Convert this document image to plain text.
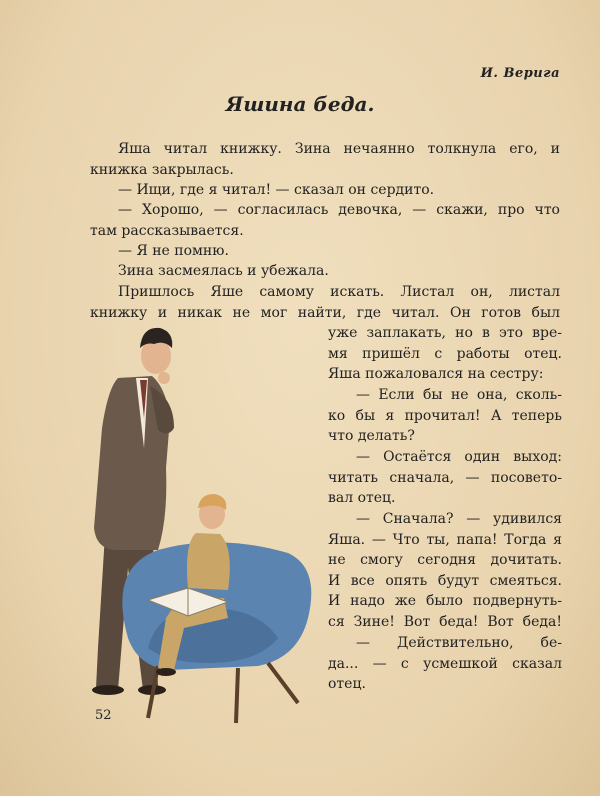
И. Верига
Яшина беда.

Яша читал книжку. Зина нечаянно толкнула его, и
книжка закрылась.

— Ищи, где я читал! — сказал он сердито.

— Хорошо, — согласилась девочка, — скажи, про что
там рассказывается.

— Я не помню.

Зина засмеялась и убежала.

Пришлось Яше самому искать. Листал он, листал
книжку и никак не мог найти, где читал. Он готов был

уже заплакать, но в это вре-
мя пришёл с работы отец.
Яша пожаловался на сестру:

— Если бы не она, сколь-
ко бы я прочитал! А теперь
что делать?

— Остаётся один выход:
читать сначала, — посовето-
вал отец.

— Сначала? — удивился
Яша. — Что ты, папа! Тогда я
не смогу сегодня дочитать.
И все опять будут смеяться.
И надо же было подвернуть-
ся Зине! Вот беда! Вот беда!

— Действительно, бе-
да... — с усмешкой сказал
отец.

52
